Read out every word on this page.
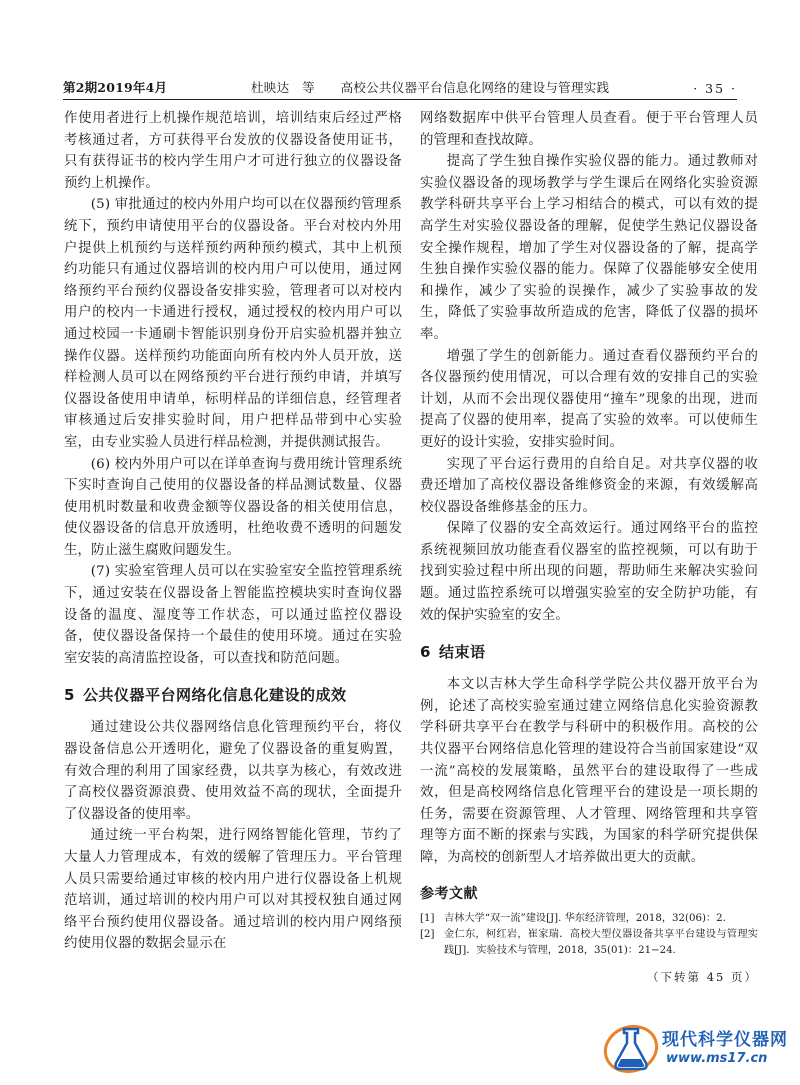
第2期2019年4月	杜映达　等　　高校公共仪器平台信息化网络的建设与管理实践	· 35 ·

作使用者进行上机操作规范培训，培训结束后经过严格考核通过者，方可获得平台发放的仪器设备使用证书，只有获得证书的校内学生用户才可进行独立的仪器设备预约上机操作。

(5) 审批通过的校内外用户均可以在仪器预约管理系统下，预约申请使用平台的仪器设备。平台对校内外用户提供上机预约与送样预约两种预约模式，其中上机预约功能只有通过仪器培训的校内用户可以使用，通过网络预约平台预约仪器设备安排实验，管理者可以对校内用户的校内一卡通进行授权，通过授权的校内用户可以通过校园一卡通刷卡智能识别身份开启实验机器并独立操作仪器。送样预约功能面向所有校内外人员开放，送样检测人员可以在网络预约平台进行预约申请，并填写仪器设备使用申请单，标明样品的详细信息，经管理者审核通过后安排实验时间，用户把样品带到中心实验室，由专业实验人员进行样品检测，并提供测试报告。

(6) 校内外用户可以在详单查询与费用统计管理系统下实时查询自己使用的仪器设备的样品测试数量、仪器使用机时数量和收费金额等仪器设备的相关使用信息，使仪器设备的信息开放透明，杜绝收费不透明的问题发生，防止滋生腐败问题发生。

(7) 实验室管理人员可以在实验室安全监控管理系统下，通过安装在仪器设备上智能监控模块实时查询仪器设备的温度、湿度等工作状态，可以通过监控仪器设备，使仪器设备保持一个最佳的使用环境。通过在实验室安装的高清监控设备，可以查找和防范问题。

5 公共仪器平台网络化信息化建设的成效

通过建设公共仪器网络信息化管理预约平台，将仪器设备信息公开透明化，避免了仪器设备的重复购置，有效合理的利用了国家经费，以共享为核心，有效改进了高校仪器资源浪费、使用效益不高的现状，全面提升了仪器设备的使用率。

通过统一平台构架，进行网络智能化管理，节约了大量人力管理成本，有效的缓解了管理压力。平台管理人员只需要给通过审核的校内用户进行仪器设备上机规范培训，通过培训的校内用户可以对其授权独自通过网络平台预约使用仪器设备。通过培训的校内用户网络预约使用仪器的数据会显示在

网络数据库中供平台管理人员查看。便于平台管理人员的管理和查找故障。

提高了学生独自操作实验仪器的能力。通过教师对实验仪器设备的现场教学与学生课后在网络化实验资源教学科研共享平台上学习相结合的模式，可以有效的提高学生对实验仪器设备的理解，促使学生熟记仪器设备安全操作规程，增加了学生对仪器设备的了解，提高学生独自操作实验仪器的能力。保障了仪器能够安全使用和操作，减少了实验的误操作，减少了实验事故的发生，降低了实验事故所造成的危害，降低了仪器的损坏率。

增强了学生的创新能力。通过查看仪器预约平台的各仪器预约使用情况，可以合理有效的安排自己的实验计划，从而不会出现仪器使用“撞车”现象的出现，进而提高了仪器的使用率，提高了实验的效率。可以使师生更好的设计实验，安排实验时间。

实现了平台运行费用的自给自足。对共享仪器的收费还增加了高校仪器设备维修资金的来源，有效缓解高校仪器设备维修基金的压力。

保障了仪器的安全高效运行。通过网络平台的监控系统视频回放功能查看仪器室的监控视频，可以有助于找到实验过程中所出现的问题，帮助师生来解决实验问题。通过监控系统可以增强实验室的安全防护功能，有效的保护实验室的安全。

6 结束语

本文以吉林大学生命科学学院公共仪器开放平台为例，论述了高校实验室通过建立网络信息化实验资源教学科研共享平台在教学与科研中的积极作用。高校的公共仪器平台网络信息化管理的建设符合当前国家建设“双一流”高校的发展策略，虽然平台的建设取得了一些成效，但是高校网络信息化管理平台的建设是一项长期的任务，需要在资源管理、人才管理、网络管理和共享管理等方面不断的探索与实践，为国家的科学研究提供保障，为高校的创新型人才培养做出更大的贡献。

参考文献
[1] 吉林大学“双一流”建设[J]. 华东经济管理，2018，32(06)：2.
[2] 金仁东，柯红岩，崔家瑞．高校大型仪器设备共享平台建设与管理实践[J]．实验技术与管理，2018，35(01)：21−24.
（下转第 45 页）
现代科学仪器网
www.ms17.cn
